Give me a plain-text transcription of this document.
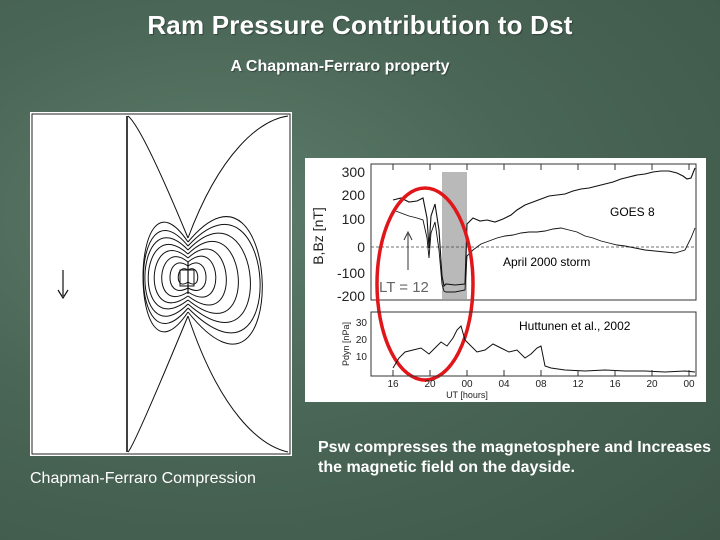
Ram Pressure Contribution to Dst
A Chapman-Ferraro property
Chapman-Ferraro Compression
B,Bz [nT]
300
200
100
0
-100
-200
Pdyn [nPa] 30
20
10
16	20	00	04	08	12	16	20	00
UT [hours]
GOES 8
April 2000 storm
LT = 12
Huttunen et al., 2002
Psw compresses the magnetosphere and Increases the magnetic field on the dayside.
